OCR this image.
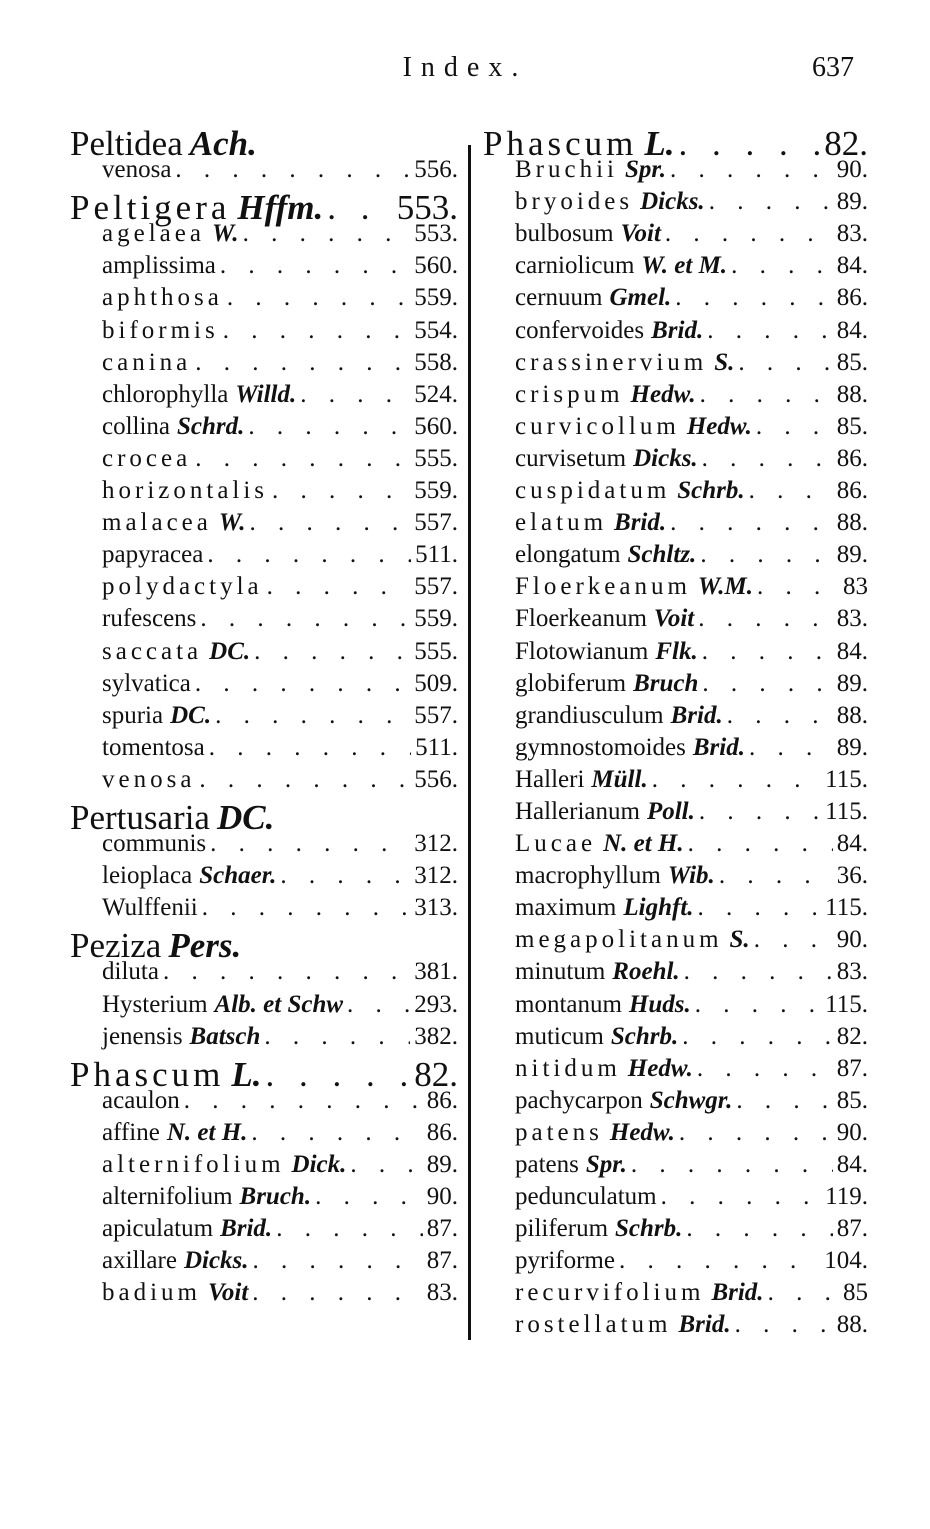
Index.	637
Peltidea Ach.
venosa . . .	556.
Peltigera Hffm. . . . 553.
agelaea W. . . .	553.
amplissima . . .	560.
aphthosa . . .	559.
biformis . . .	554.
canina . . .	558.
chlorophylla Willd. . . .	524.
collina Schrd. . . .	560.
crocea . . .	555.
horizontalis . . .	559.
malacea W. . . .	557.
papyracea . . .	511.
polydactyla . . .	557.
rufescens . . .	559.
saccata DC. . . .	555.
sylvatica . . .	509.
spuria DC. . . .	557.
tomentosa . . .	511.
venosa . . .	556.
Pertusaria DC.
communis . . .	312.
leioplaca Schaer. . . .	312.
Wulffenii . . .	313.
Peziza Pers.
diluta . . .	381.
Hysterium Alb. et Schw . . .	293.
jenensis Batsch . . .	382.
Phascum L. . . .	82.
acaulon . . .	86.
affine N. et H. . . .	86.
alternifolium Dick. . . .	89.
alternifolium Bruch. . . .	90.
apiculatum Brid. . . .	87.
axillare Dicks. . . .	87.
badium Voit . . .	83.
Phascum L. . . .	82.
Bruchii Spr. . . .	90.
bryoides Dicks. . . .	89.
bulbosum Voit . . .	83.
carniolicum W. et M. . . .	84.
cernuum Gmel. . . .	86.
confervoides Brid. . . .	84.
crassinervium S. . . .	85.
crispum Hedw. . . .	88.
curvicollum Hedw. . . .	85.
curvisetum Dicks. . . .	86.
cuspidatum Schrb. . . .	86.
elatum Brid. . . .	88.
elongatum Schltz. . . .	89.
Floerkeanum W.M. . . .	83
Floerkeanum Voit . . .	83.
Flotowianum Flk. . . .	84.
globiferum Bruch . . .	89.
grandiusculum Brid. . . .	88.
gymnostomoides Brid. . . .	89.
Halleri Müll. . . .	115.
Hallerianum Poll. . . .	115.
Lucae N. et H. . . .	84.
macrophyllum Wib. . . .	36.
maximum Lighft. . . .	115.
megapolitanum S. . . .	90.
minutum Roehl. . . .	83.
montanum Huds. . . .	115.
muticum Schrb. . . .	82.
nitidum Hedw. . . .	87.
pachycarpon Schwgr. . . .	85.
patens Hedw. . . .	90.
patens Spr. . . .	84.
pedunculatum . . .	119.
piliferum Schrb. . . .	87.
pyriforme . . .	104.
recurvifolium Brid. . . .	85
rostellatum Brid. . . .	88.
